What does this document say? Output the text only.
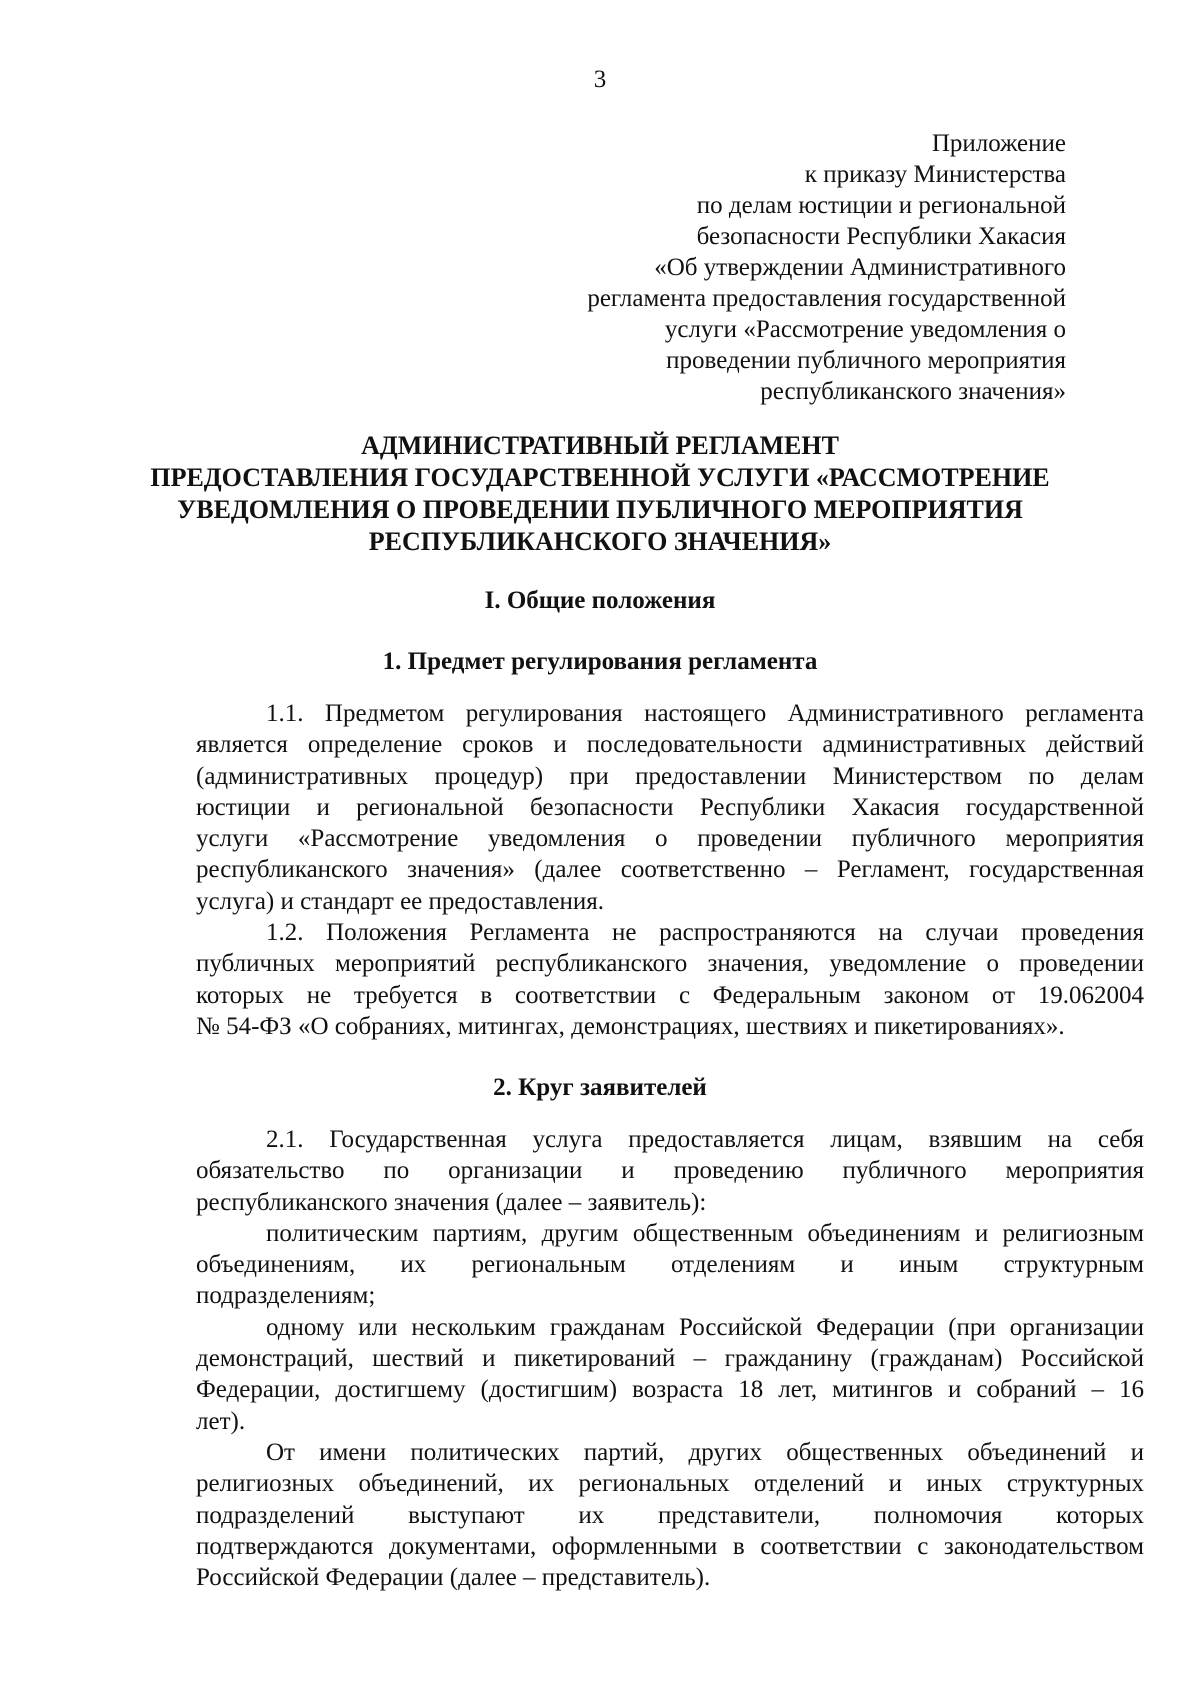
3
Приложение
к приказу Министерства
по делам юстиции и региональной
безопасности Республики Хакасия
«Об утверждении Административного
регламента предоставления государственной
услуги «Рассмотрение уведомления о
проведении публичного мероприятия
республиканского значения»
АДМИНИСТРАТИВНЫЙ РЕГЛАМЕНТ
ПРЕДОСТАВЛЕНИЯ ГОСУДАРСТВЕННОЙ УСЛУГИ «РАССМОТРЕНИЕ
УВЕДОМЛЕНИЯ О ПРОВЕДЕНИИ ПУБЛИЧНОГО МЕРОПРИЯТИЯ
РЕСПУБЛИКАНСКОГО ЗНАЧЕНИЯ»
I. Общие положения
1. Предмет регулирования регламента
1.1. Предметом регулирования настоящего Административного регламента
является определение сроков и последовательности административных действий
(административных процедур) при предоставлении Министерством по делам
юстиции и региональной безопасности Республики Хакасия государственной
услуги «Рассмотрение уведомления о проведении публичного мероприятия
республиканского значения» (далее соответственно – Регламент, государственная
услуга) и стандарт ее предоставления.
1.2. Положения Регламента не распространяются на случаи проведения
публичных мероприятий республиканского значения, уведомление о проведении
которых не требуется в соответствии с Федеральным законом от 19.062004
№ 54-ФЗ «О собраниях, митингах, демонстрациях, шествиях и пикетированиях».
2. Круг заявителей
2.1. Государственная услуга предоставляется лицам, взявшим на себя
обязательство по организации и проведению публичного мероприятия
республиканского значения (далее – заявитель):
политическим партиям, другим общественным объединениям и религиозным
объединениям, их региональным отделениям и иным структурным
подразделениям;
одному или нескольким гражданам Российской Федерации (при организации
демонстраций, шествий и пикетирований – гражданину (гражданам) Российской
Федерации, достигшему (достигшим) возраста 18 лет, митингов и собраний – 16
лет).
От имени политических партий, других общественных объединений и
религиозных объединений, их региональных отделений и иных структурных
подразделений выступают их представители, полномочия которых
подтверждаются документами, оформленными в соответствии с законодательством
Российской Федерации (далее – представитель).
